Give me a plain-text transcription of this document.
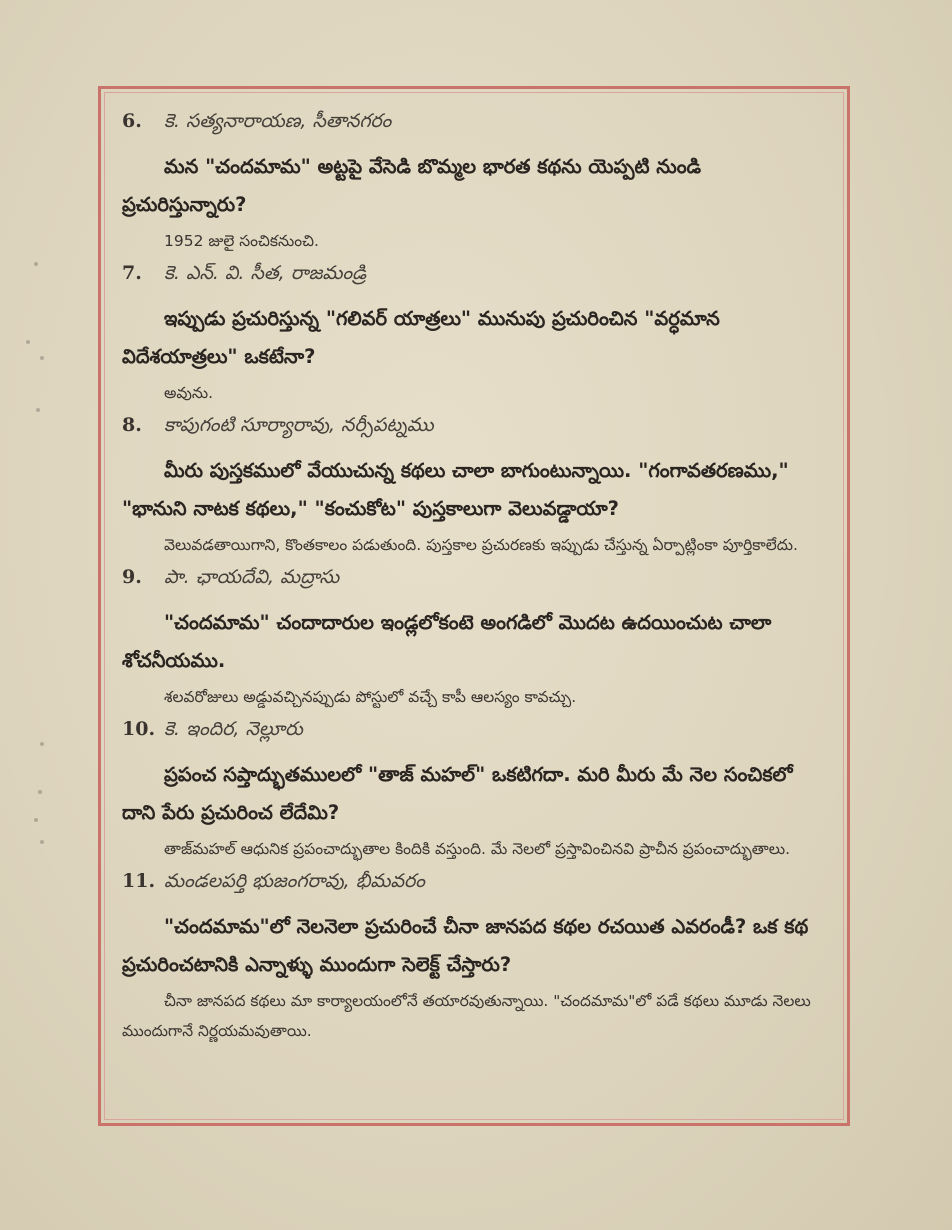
6.	కె. సత్యనారాయణ, సీతానగరం

మన "చందమామ" అట్టపై వేసెడి బొమ్మల భారత కథను యెప్పటి నుండి ప్రచురిస్తున్నారు?

1952 జులై సంచికనుంచి.

7.	కె. ఎన్. వి. సీత, రాజమండ్రి

ఇప్పుడు ప్రచురిస్తున్న "గలివర్ యాత్రలు" మునుపు ప్రచురించిన "వర్ధమాన విదేశయాత్రలు" ఒకటేనా?

అవును.

8.	కాపుగంటి సూర్యారావు, నర్సీపట్నము

మీరు పుస్తకములో వేయుచున్న కథలు చాలా బాగుంటున్నాయి. "గంగావతరణము," "భానుని నాటక కథలు," "కంచుకోట" పుస్తకాలుగా వెలువడ్డాయా?

వెలువడతాయిగాని, కొంతకాలం పడుతుంది. పుస్తకాల ప్రచురణకు ఇప్పుడు చేస్తున్న ఏర్పాట్లింకా పూర్తికాలేదు.

9.	పా. ఛాయదేవి, మద్రాసు

"చందమామ" చందాదారుల ఇండ్లలోకంటె అంగడిలో మొదట ఉదయించుట చాలా శోచనీయము.

శలవరోజులు అడ్డువచ్చినప్పుడు పోస్టులో వచ్చే కాపీ ఆలస్యం కావచ్చు.

10. కె. ఇందిర, నెల్లూరు

ప్రపంచ సప్తాద్భుతములలో "తాజ్ మహల్" ఒకటిగదా. మరి మీరు మే నెల సంచికలో దాని పేరు ప్రచురించ లేదేమి?

తాజ్‌మహల్ ఆధునిక ప్రపంచాద్భుతాల కిందికి వస్తుంది. మే నెలలో ప్రస్తావించినవి ప్రాచీన ప్రపంచాద్భుతాలు.

11. మండలపర్తి భుజంగరావు, భీమవరం

"చందమామ"లో నెలనెలా ప్రచురించే చీనా జానపద కథల రచయిత ఎవరండీ? ఒక కథ ప్రచురించటానికి ఎన్నాళ్ళు ముందుగా సెలెక్ట్ చేస్తారు?

చీనా జానపద కథలు మా కార్యాలయంలోనే తయారవుతున్నాయి. "చందమామ"లో పడే కథలు మూడు నెలలు ముందుగానే నిర్ణయమవుతాయి.
